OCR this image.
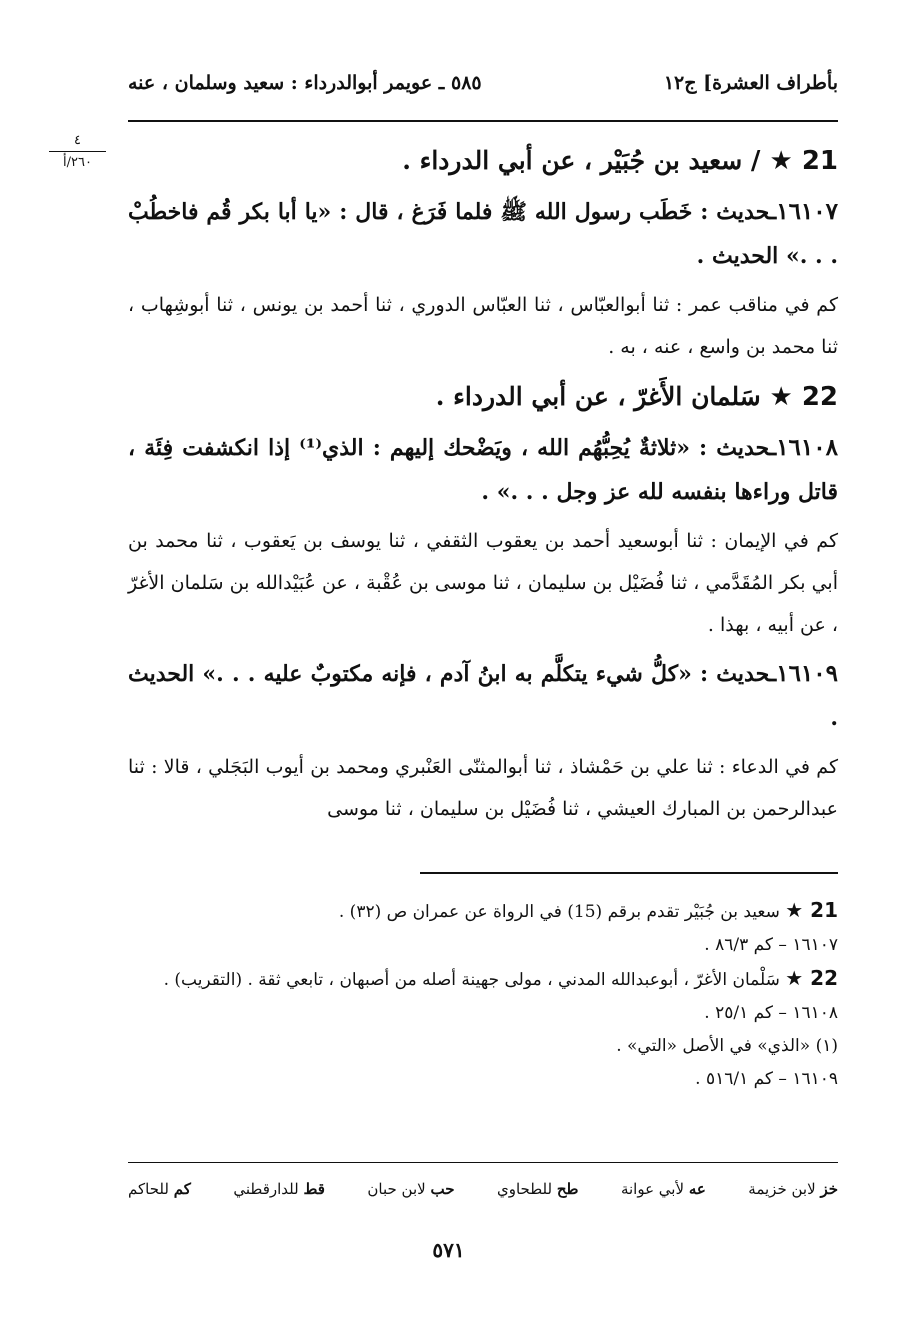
بأطراف العشرة] ج١٢
٥٨٥ ـ عويمر أبوالدرداء : سعيد وسلمان ، عنه
٤
٢٦٠/أ	21 ★ / سعيد بن جُبَيْر ، عن أبي الدرداء .

١٦١٠٧ـحديث : خَطَب رسول الله ﷺ فلما فَرَغ ، قال : «يا أبا بكر قُم فاخطُبْ . . .» الحديث .

كم في مناقب عمر : ثنا أبوالعبّاس ، ثنا العبّاس الدوري ، ثنا أحمد بن يونس ، ثنا أبوشِهاب ، ثنا محمد بن واسع ، عنه ، به .

22 ★ سَلمان الأَغرّ ، عن أبي الدرداء .

١٦١٠٨ـحديث : «ثلاثةٌ يُحِبُّهُم الله ، ويَضْحك إليهم : الذي⁽¹⁾ إذا انكشفت فِئَة ، قاتل وراءها بنفسه لله عز وجل . . .» .

كم في الإيمان : ثنا أبوسعيد أحمد بن يعقوب الثقفي ، ثنا يوسف بن يَعقوب ، ثنا محمد بن أبي بكر المُقَدَّمي ، ثنا فُضَيْل بن سليمان ، ثنا موسى بن عُقْبة ، عن عُبَيْدالله بن سَلمان الأغرّ ، عن أبيه ، بهذا .

١٦١٠٩ـحديث : «كلُّ شيء يتكلَّم به ابنُ آدم ، فإنه مكتوبٌ عليه . . .» الحديث .

كم في الدعاء : ثنا علي بن حَمْشاذ ، ثنا أبوالمثنّى العَنْبري ومحمد بن أيوب البَجَلي ، قالا : ثنا عبدالرحمن بن المبارك العيشي ، ثنا فُضَيْل بن سليمان ، ثنا موسى

21 ★ سعيد بن جُبَيْر تقدم برقم (15) في الرواة عن عمران ص (٣٢) .

١٦١٠٧ – كم ٨٦/٣ .

22 ★ سَلْمان الأغرّ ، أبوعبدالله المدني ، مولى جهينة أصله من أصبهان ، تابعي ثقة . (التقريب) .

١٦١٠٨ – كم ٢٥/١ .

(١) «الذي» في الأصل «التي» .

١٦١٠٩ – كم ٥١٦/١ .

خز لابن خزيمة
عه لأبي عوانة
طح للطحاوي
حب لابن حبان
قط للدارقطني
كم للحاكم
٥٧١
